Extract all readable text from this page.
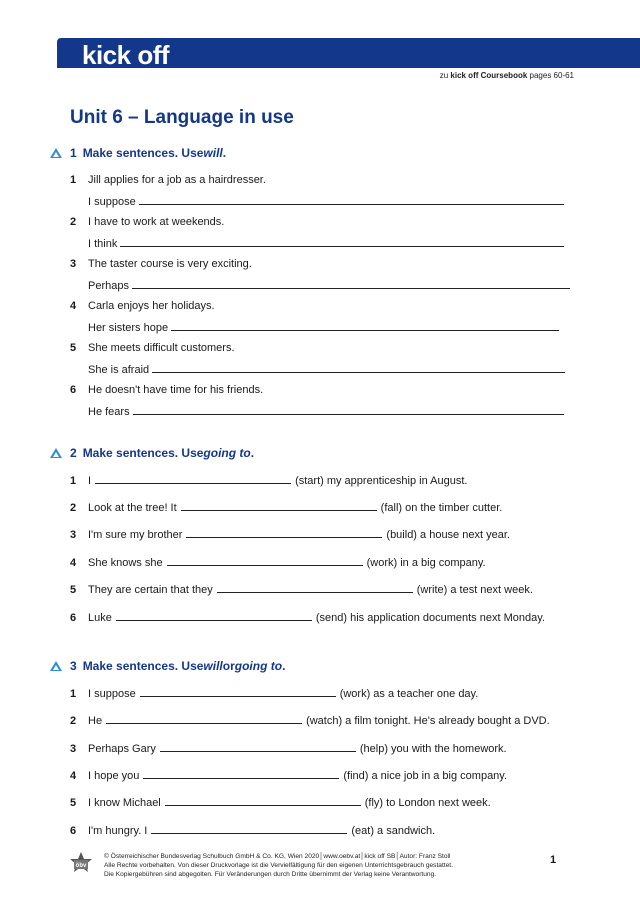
kick off
zu kick off Coursebook pages 60-61
Unit 6 – Language in use
1 Make sentences. Use will .
1 Jill applies for a job as a hairdresser.
I suppose
2 I have to work at weekends.
I think
3 The taster course is very exciting.
Perhaps
4 Carla enjoys her holidays.
Her sisters hope
5 She meets difficult customers.
She is afraid
6 He doesn't have time for his friends.
He fears
2 Make sentences. Use going to .
1 I	(start) my apprenticeship in August.
2 Look at the tree! It	(fall) on the timber cutter.
3 I'm sure my brother	(build) a house next year.
4 She knows she	(work) in a big company.
5 They are certain that they	(write) a test next week.
6 Luke	(send) his application documents next Monday.
3 Make sentences. Use will or going to .
1 I suppose	(work) as a teacher one day.
2 He	(watch) a film tonight. He's already bought a DVD.
3 Perhaps Gary	(help) you with the homework.
4 I hope you	(find) a nice job in a big company.
5 I know Michael	(fly) to London next week.
6 I'm hungry. I	(eat) a sandwich.
öbv
© Österreichischer Bundesverlag Schulbuch GmbH & Co. KG, Wien 2020│www.oebv.at│kick off SB│Autor: Franz Stoll
Alle Rechte vorbehalten. Von dieser Druckvorlage ist die Vervielfältigung für den eigenen Unterrichtsgebrauch gestattet.
Die Kopiergebühren sind abgegolten. Für Veränderungen durch Dritte übernimmt der Verlag keine Verantwortung.
1
